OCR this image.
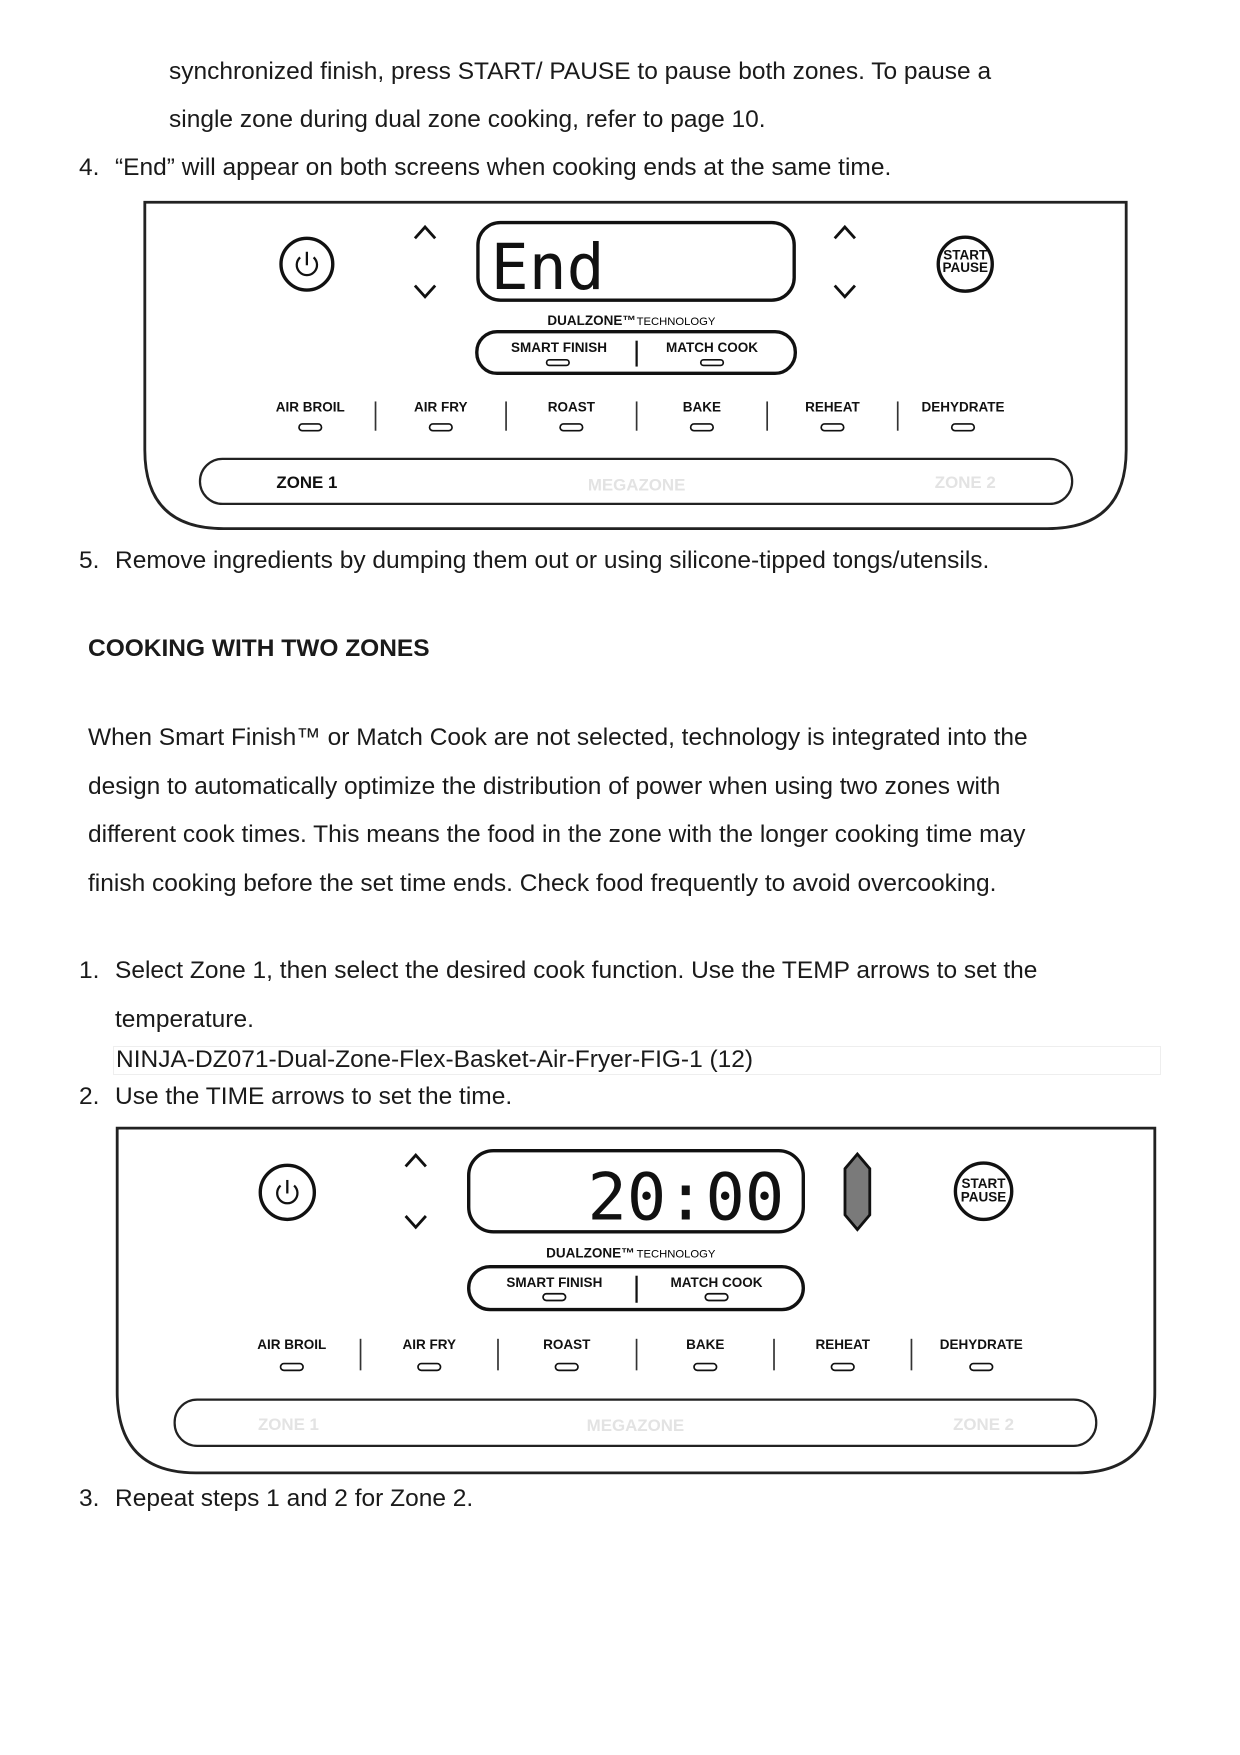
synchronized finish, press START/ PAUSE to pause both zones. To pause a
single zone during dual zone cooking, refer to page 10.
4. “End” will appear on both screens when cooking ends at the same time.
End	START
PAUSE
DUALZONE™ TECHNOLOGY
SMART FINISH	MATCH COOK
AIR BROIL	AIR FRY	ROAST	BAKE	REHEAT	DEHYDRATE
ZONE 1	MEGAZONE	ZONE 2
5. Remove ingredients by dumping them out or using silicone-tipped tongs/utensils.
COOKING WITH TWO ZONES
When Smart Finish™ or Match Cook are not selected, technology is integrated into the
design to automatically optimize the distribution of power when using two zones with
different cook times. This means the food in the zone with the longer cooking time may
finish cooking before the set time ends. Check food frequently to avoid overcooking.
1. Select Zone 1, then select the desired cook function. Use the TEMP arrows to set the
temperature.
NINJA-DZ071-Dual-Zone-Flex-Basket-Air-Fryer-FIG-1 (12)
2. Use the TIME arrows to set the time.
20:00	START
PAUSE
DUALZONE™ TECHNOLOGY
SMART FINISH	MATCH COOK
AIR BROIL	AIR FRY	ROAST	BAKE	REHEAT	DEHYDRATE
ZONE 1	MEGAZONE	ZONE 2
3. Repeat steps 1 and 2 for Zone 2.
